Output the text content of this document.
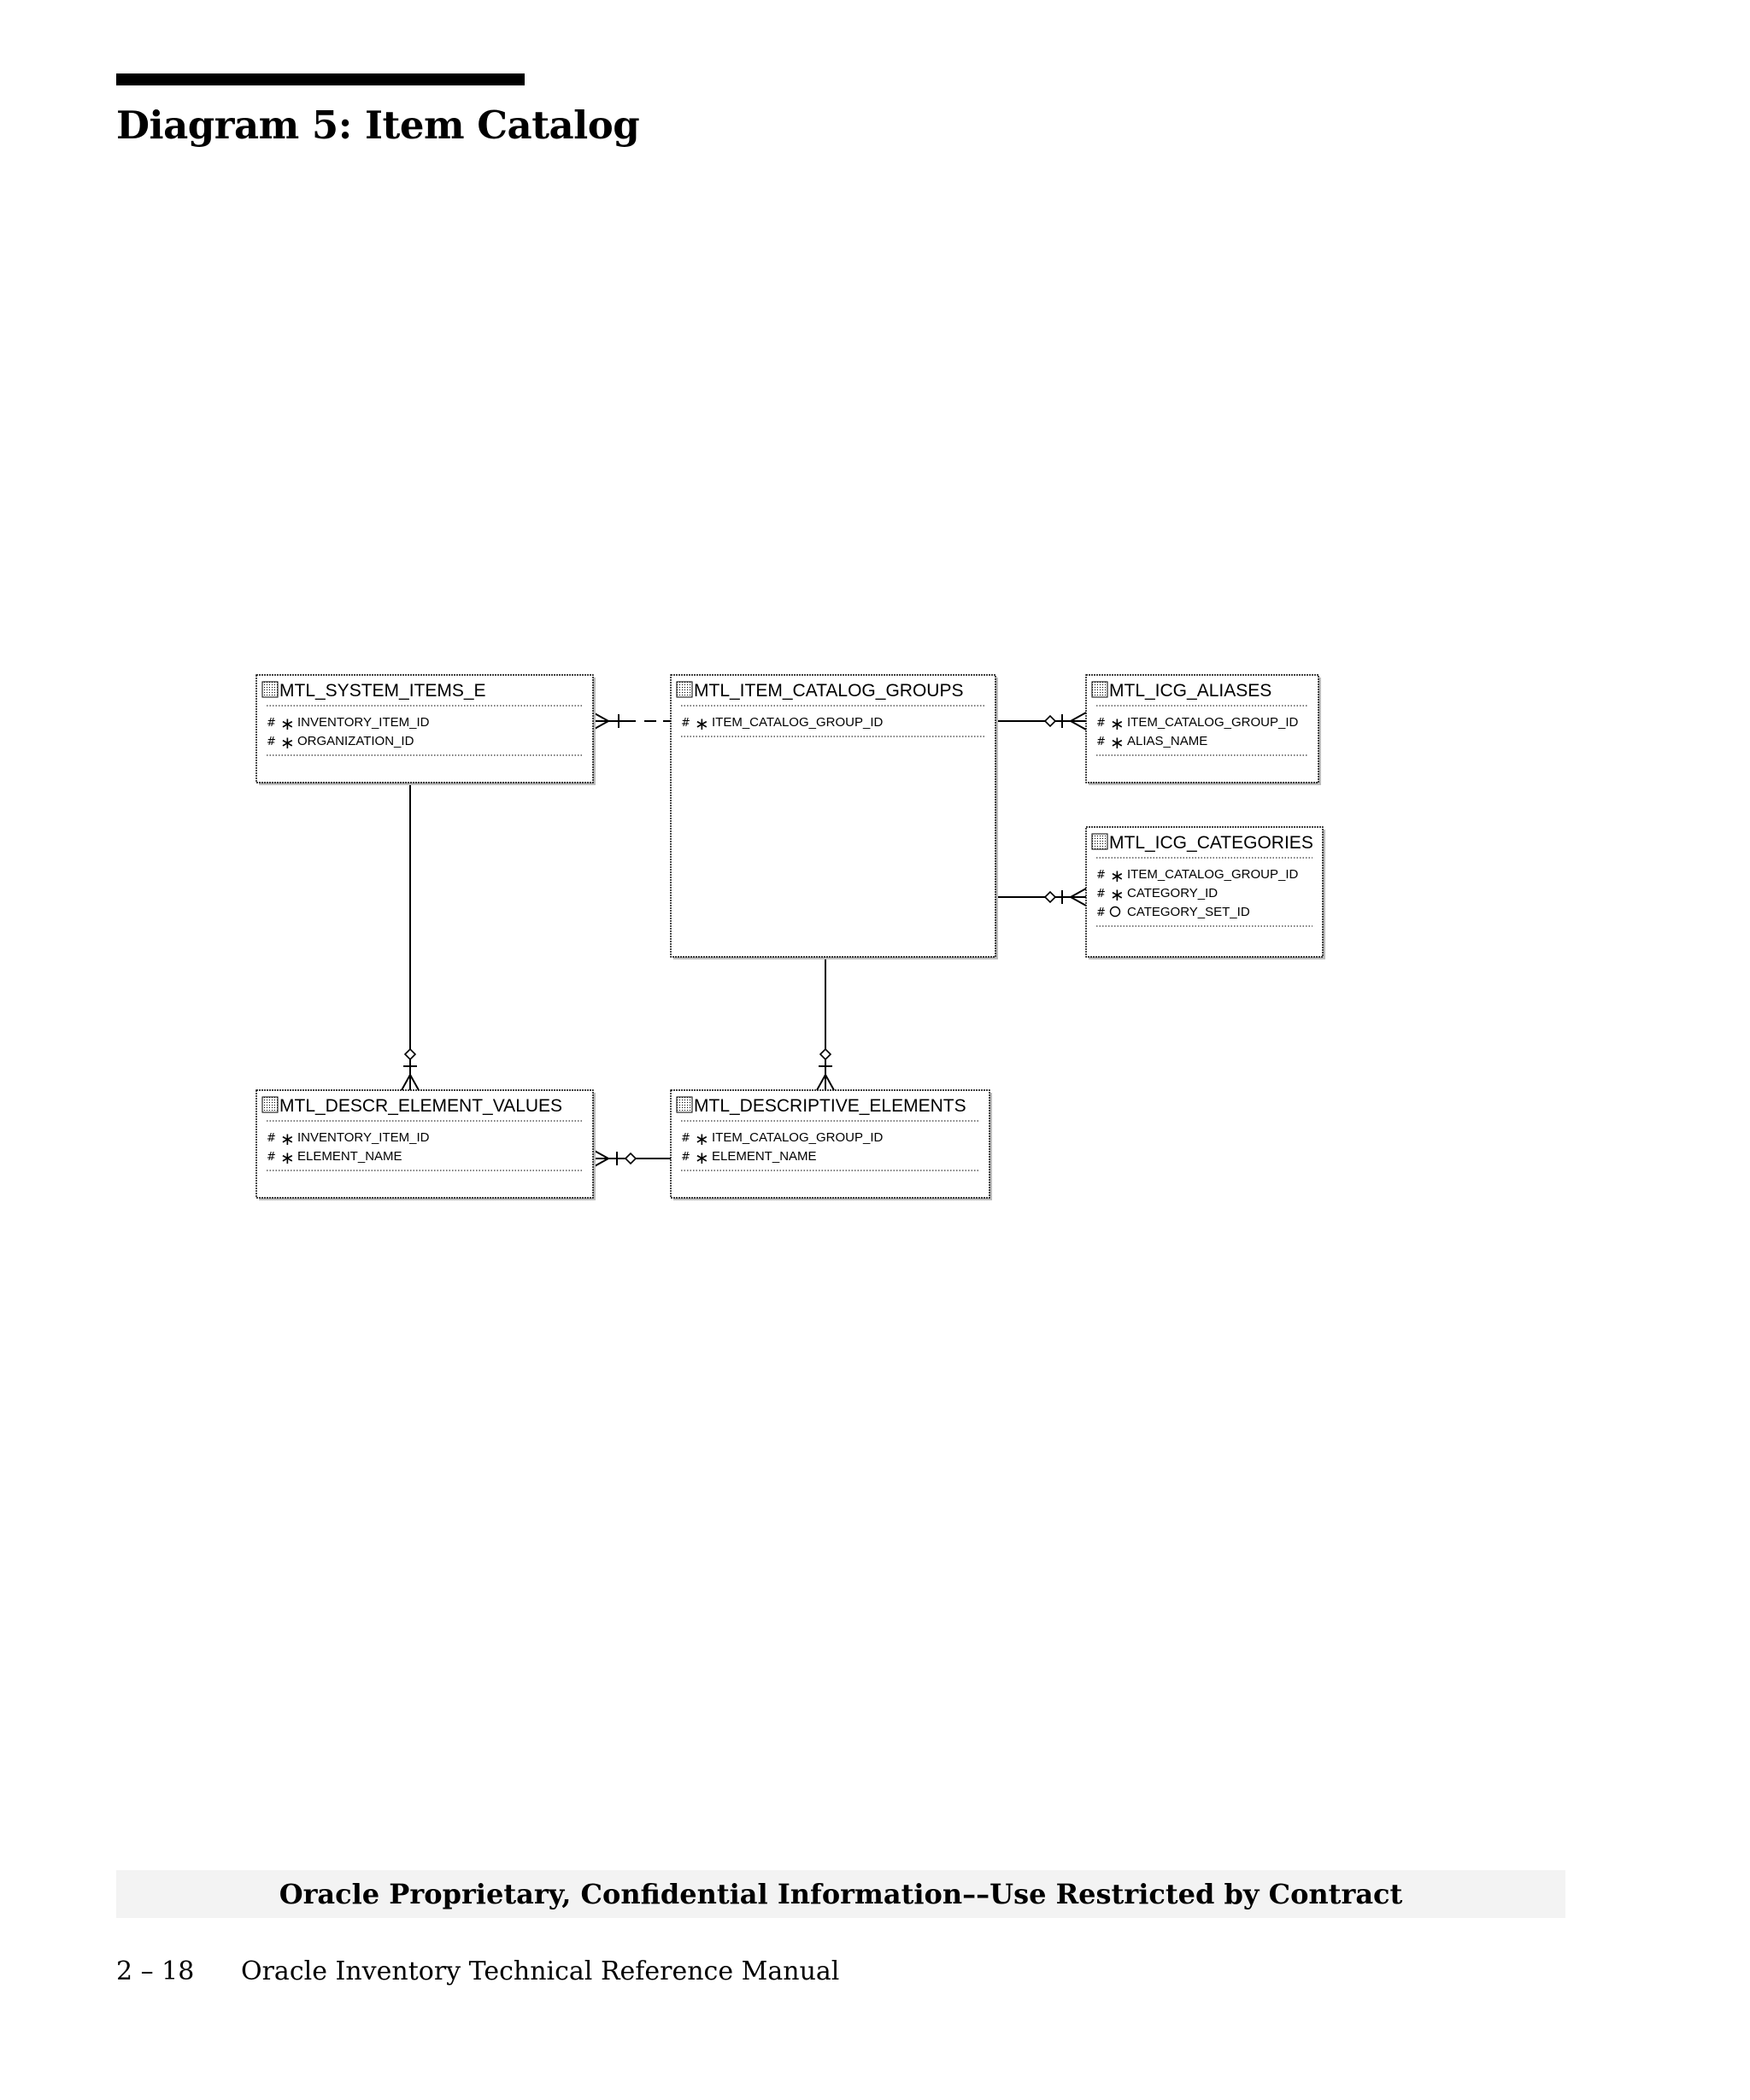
Diagram 5: Item Catalog
MTL_SYSTEM_ITEMS_E
# ∗ INVENTORY_ITEM_ID
# ∗ ORGANIZATION_ID
MTL_ITEM_CATALOG_GROUPS
# ∗ ITEM_CATALOG_GROUP_ID
MTL_ICG_ALIASES
# ∗ ITEM_CATALOG_GROUP_ID
# ∗ ALIAS_NAME
MTL_ICG_CATEGORIES
# ∗ ITEM_CATALOG_GROUP_ID
# ∗ CATEGORY_ID
# CATEGORY_SET_ID
MTL_DESCR_ELEMENT_VALUES
# ∗ INVENTORY_ITEM_ID
# ∗ ELEMENT_NAME
MTL_DESCRIPTIVE_ELEMENTS
# ∗ ITEM_CATALOG_GROUP_ID
# ∗ ELEMENT_NAME
Oracle Proprietary, Confidential Information––Use Restricted by Contract
2 – 18 Oracle Inventory Technical Reference Manual
